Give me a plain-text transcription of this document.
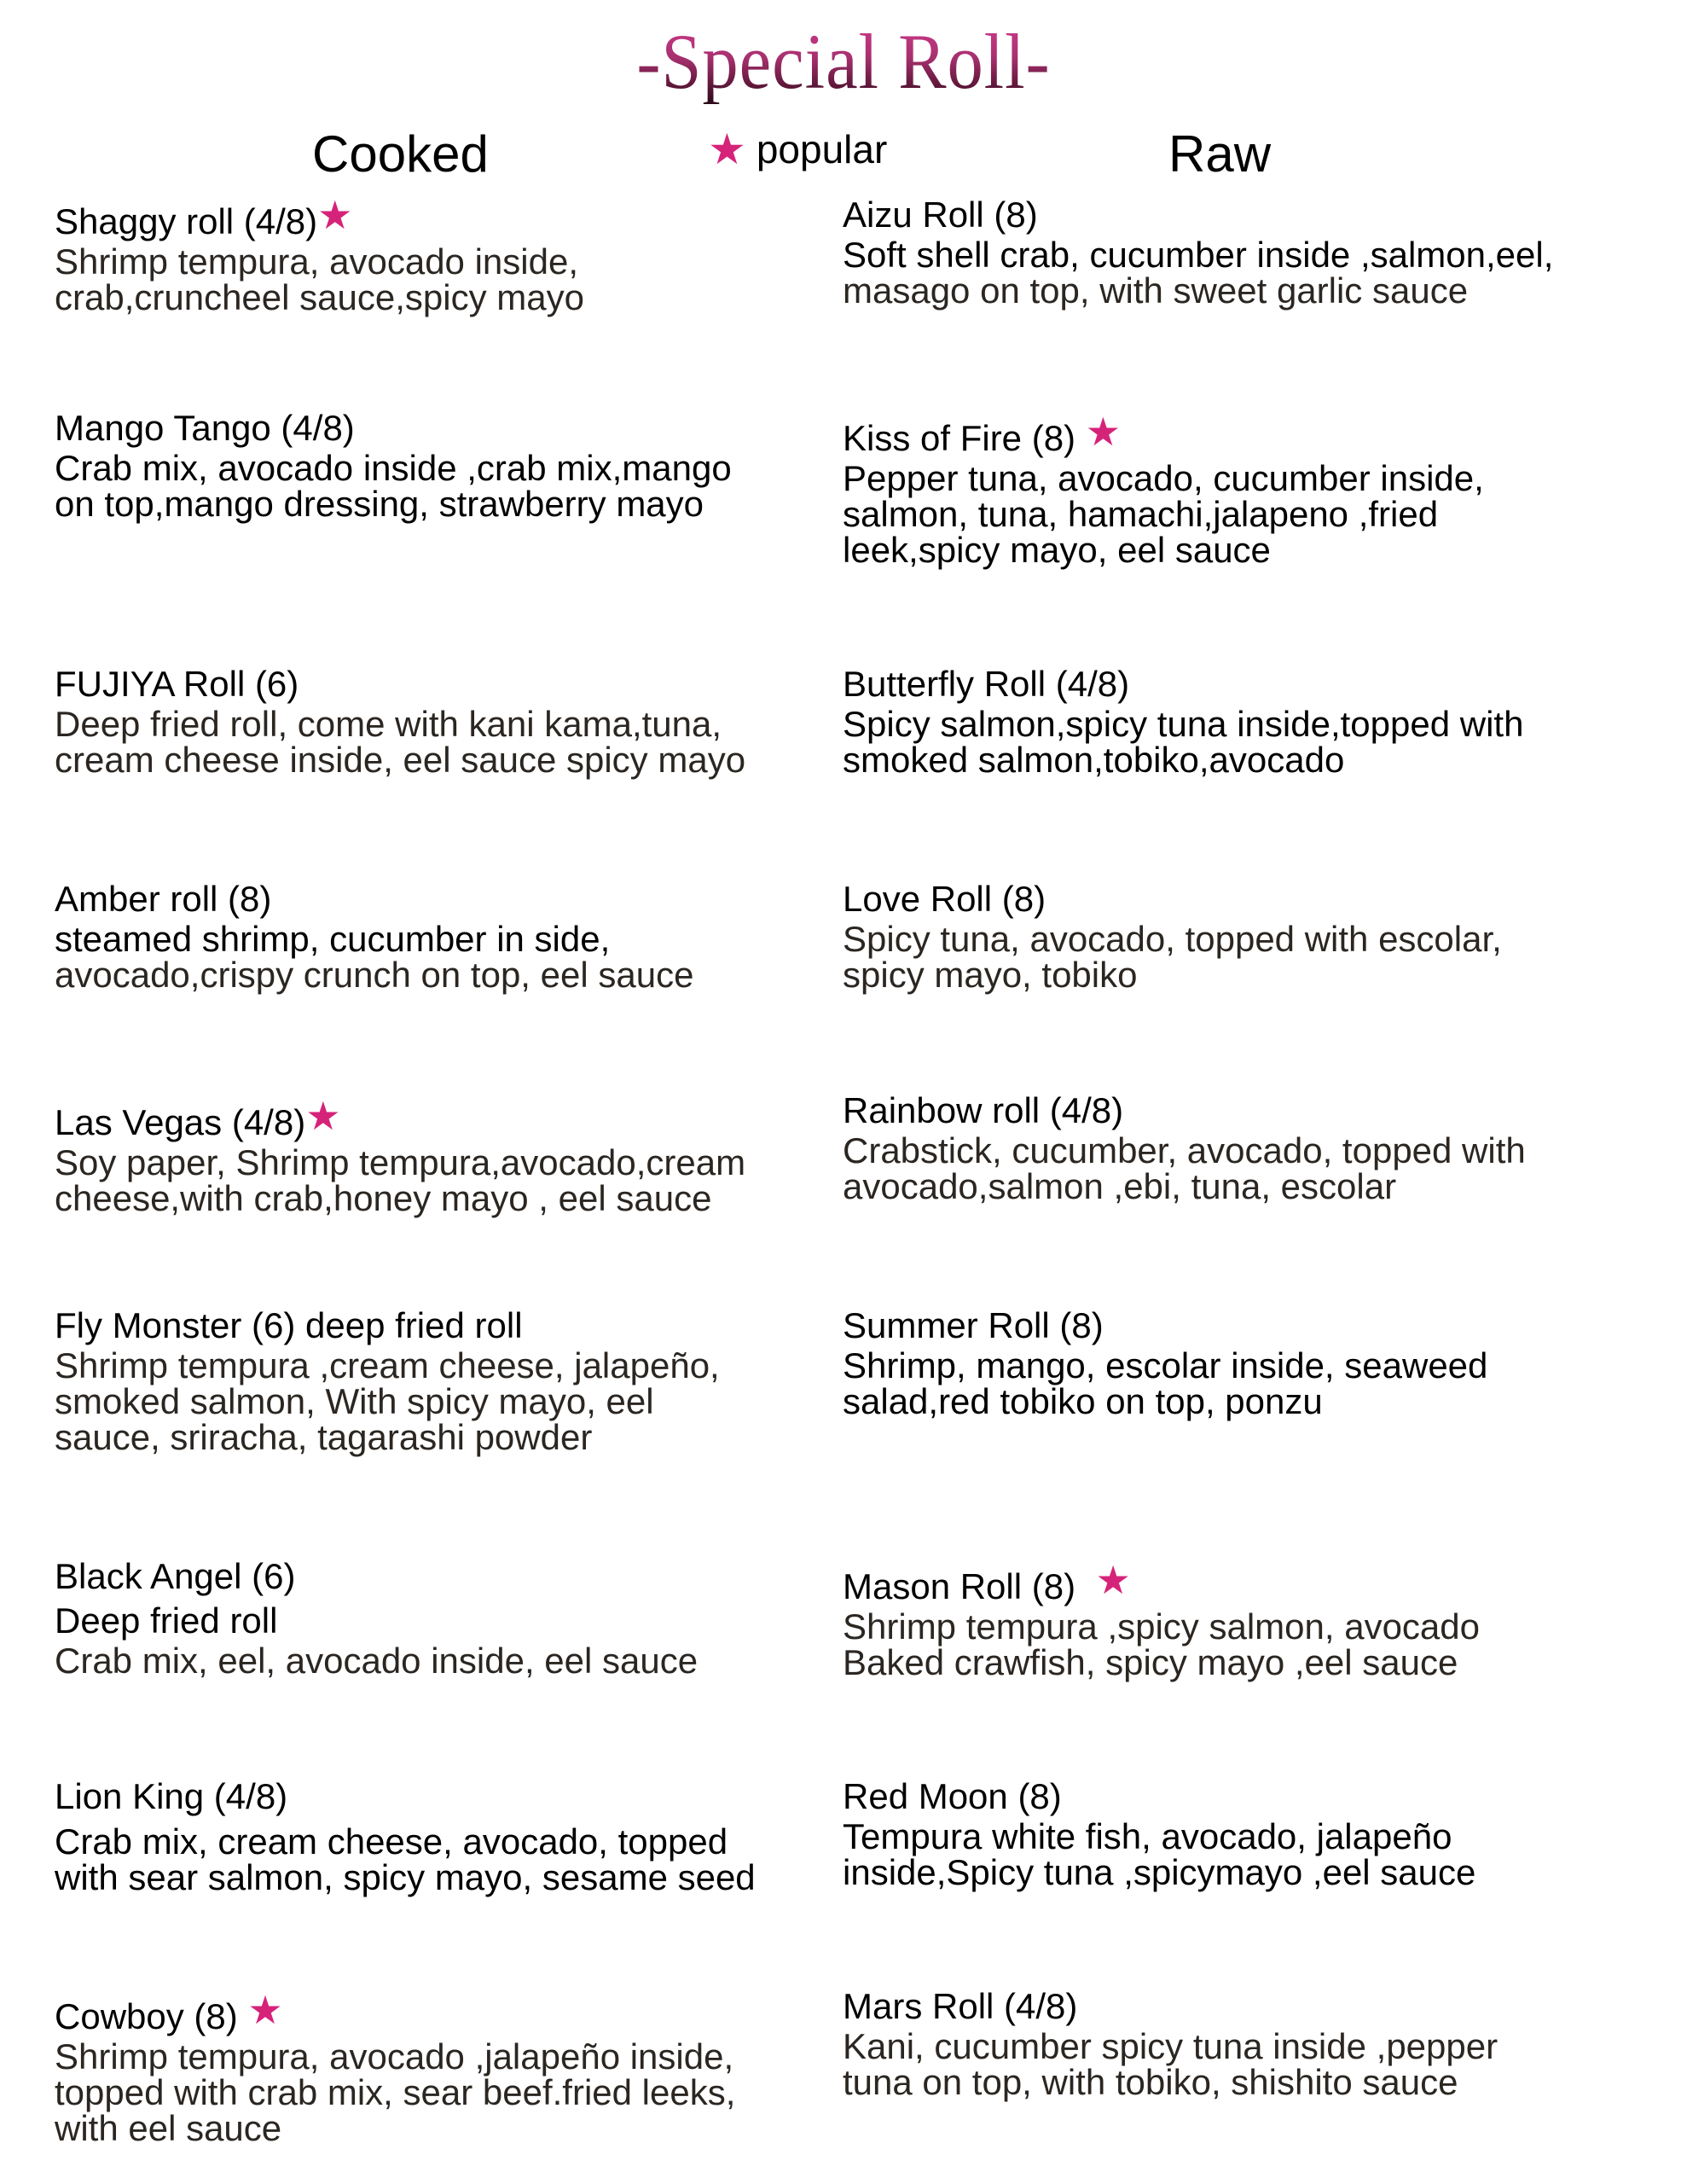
-Special Roll-
Cooked	★ popular	Raw
Shaggy roll (4/8)★
Shrimp tempura, avocado inside,
crab,cruncheel sauce,spicy mayo
Mango Tango (4/8)
Crab mix, avocado inside ,crab mix,mango
on top,mango dressing, strawberry mayo
FUJIYA Roll (6)
Deep fried roll, come with kani kama,tuna,
cream cheese inside, eel sauce spicy mayo
Amber roll (8)
steamed shrimp, cucumber in side,
avocado,crispy crunch on top, eel sauce
Las Vegas (4/8)★
Soy paper, Shrimp tempura,avocado,cream
cheese,with crab,honey mayo , eel sauce
Fly Monster (6) deep fried roll
Shrimp tempura ,cream cheese, jalapeño,
smoked salmon, With spicy mayo, eel
sauce, sriracha, tagarashi powder
Black Angel (6)
Deep fried roll
Crab mix, eel, avocado inside, eel sauce
Lion King (4/8)
Crab mix, cream cheese, avocado, topped
with sear salmon, spicy mayo, sesame seed
Cowboy (8) ★
Shrimp tempura, avocado ,jalapeño inside,
topped with crab mix, sear beef.fried leeks,
with eel sauce
Aizu Roll (8)
Soft shell crab, cucumber inside ,salmon,eel,
masago on top, with sweet garlic sauce
Kiss of Fire (8) ★
Pepper tuna, avocado, cucumber inside,
salmon, tuna, hamachi,jalapeno ,fried
leek,spicy mayo, eel sauce
Butterfly Roll (4/8)
Spicy salmon,spicy tuna inside,topped with
smoked salmon,tobiko,avocado
Love Roll (8)
Spicy tuna, avocado, topped with escolar,
spicy mayo, tobiko
Rainbow roll (4/8)
Crabstick, cucumber, avocado, topped with
avocado,salmon ,ebi, tuna, escolar
Summer Roll (8)
Shrimp, mango, escolar inside, seaweed
salad,red tobiko on top, ponzu
Mason Roll (8) ★
Shrimp tempura ,spicy salmon, avocado
Baked crawfish, spicy mayo ,eel sauce
Red Moon (8)
Tempura white fish, avocado, jalapeño
inside,Spicy tuna ,spicymayo ,eel sauce
Mars Roll (4/8)
Kani, cucumber spicy tuna inside ,pepper
tuna on top, with tobiko, shishito sauce
